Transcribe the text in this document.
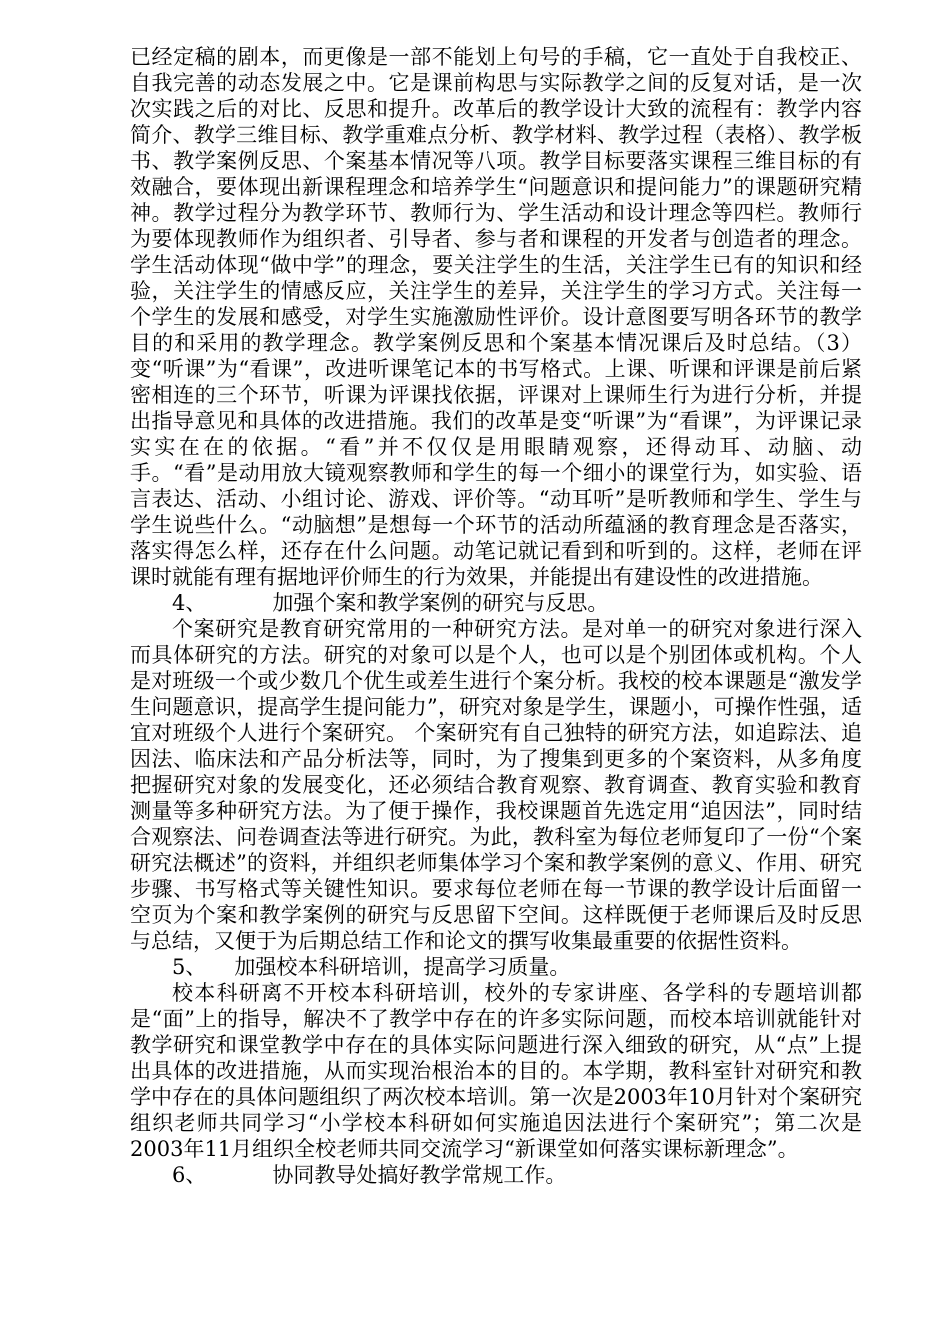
已经定稿的剧本，而更像是一部不能划上句号的手稿，它一直处于自我校正、自我完善的动态发展之中。它是课前构思与实际教学之间的反复对话，是一次次实践之后的对比、反思和提升。改革后的教学设计大致的流程有：教学内容简介、教学三维目标、教学重难点分析、教学材料、教学过程（表格）、教学板书、教学案例反思、个案基本情况等八项。教学目标要落实课程三维目标的有效融合，要体现出新课程理念和培养学生“问题意识和提问能力”的课题研究精神。教学过程分为教学环节、教师行为、学生活动和设计理念等四栏。教师行为要体现教师作为组织者、引导者、参与者和课程的开发者与创造者的理念。学生活动体现“做中学”的理念，要关注学生的生活，关注学生已有的知识和经验，关注学生的情感反应，关注学生的差异，关注学生的学习方式。关注每一个学生的发展和感受，对学生实施激励性评价。设计意图要写明各环节的教学目的和采用的教学理念。教学案例反思和个案基本情况课后及时总结。（3）变“听课”为“看课”，改进听课笔记本的书写格式。上课、听课和评课是前后紧密相连的三个环节，听课为评课找依据，评课对上课师生行为进行分析，并提出指导意见和具体的改进措施。我们的改革是变“听课”为“看课”，为评课记录实实在在的依据。“看”并不仅仅是用眼睛观察，还得动耳、动脑、动手。“看”是动用放大镜观察教师和学生的每一个细小的课堂行为，如实验、语言表达、活动、小组讨论、游戏、评价等。“动耳听”是听教师和学生、学生与学生说些什么。“动脑想”是想每一个环节的活动所蕴涵的教育理念是否落实，落实得怎么样，还存在什么问题。动笔记就记看到和听到的。这样，老师在评课时就能有理有据地评价师生的行为效果，并能提出有建设性的改进措施。

4、	加强个案和教学案例的研究与反思。

个案研究是教育研究常用的一种研究方法。是对单一的研究对象进行深入而具体研究的方法。研究的对象可以是个人，也可以是个别团体或机构。个人是对班级一个或少数几个优生或差生进行个案分析。我校的校本课题是“激发学生问题意识，提高学生提问能力”，研究对象是学生，课题小，可操作性强，适宜对班级个人进行个案研究。 个案研究有自己独特的研究方法，如追踪法、追因法、临床法和产品分析法等，同时，为了搜集到更多的个案资料，从多角度把握研究对象的发展变化，还必须结合教育观察、教育调查、教育实验和教育测量等多种研究方法。为了便于操作，我校课题首先选定用“追因法”，同时结合观察法、问卷调查法等进行研究。为此，教科室为每位老师复印了一份“个案研究法概述”的资料，并组织老师集体学习个案和教学案例的意义、作用、研究步骤、书写格式等关键性知识。要求每位老师在每一节课的教学设计后面留一空页为个案和教学案例的研究与反思留下空间。这样既便于老师课后及时反思与总结，又便于为后期总结工作和论文的撰写收集最重要的依据性资料。

5、 加强校本科研培训，提高学习质量。

校本科研离不开校本科研培训，校外的专家讲座、各学科的专题培训都是“面”上的指导，解决不了教学中存在的许多实际问题，而校本培训就能针对教学研究和课堂教学中存在的具体实际问题进行深入细致的研究，从“点”上提出具体的改进措施，从而实现治根治本的目的。本学期，教科室针对研究和教学中存在的具体问题组织了两次校本培训。第一次是2003年10月针对个案研究组织老师共同学习“小学校本科研如何实施追因法进行个案研究”；第二次是2003年11月组织全校老师共同交流学习“新课堂如何落实课标新理念”。

6、	协同教导处搞好教学常规工作。
